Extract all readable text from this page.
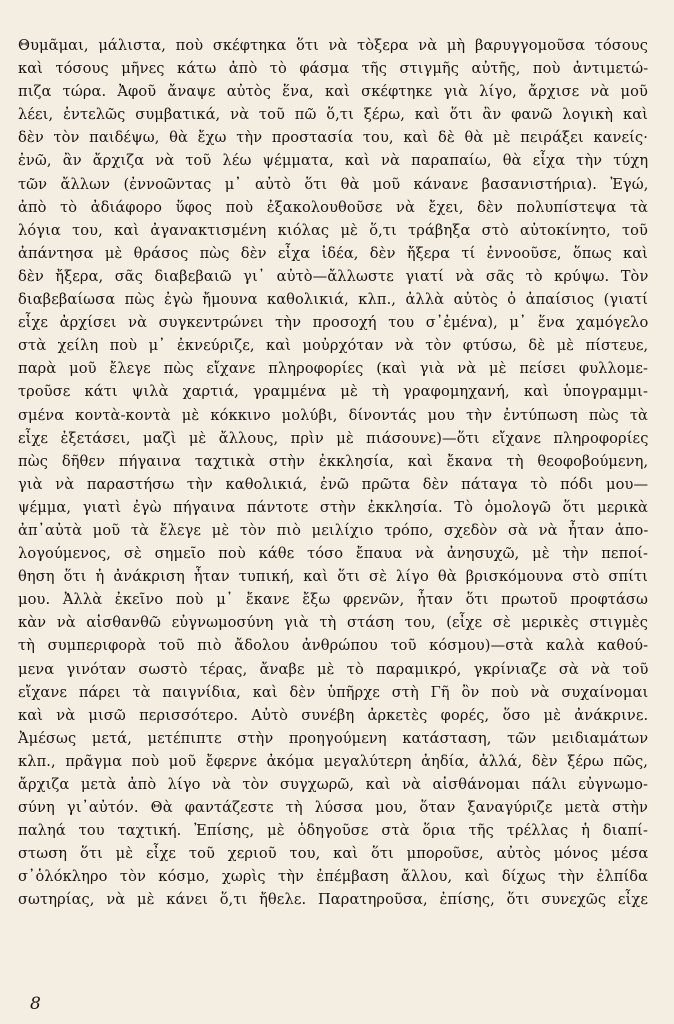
Θυμᾶμαι, μάλιστα, ποὺ σκέφτηκα ὅτι νὰ τὸξερα νὰ μὴ βαρυγγομοῦσα τόσους
καὶ τόσους μῆνες κάτω ἀπὸ τὸ φάσμα τῆς στιγμῆς αὐτῆς, ποὺ ἀντιμετώ-
πιζα τώρα. Ἀφοῦ ἄναψε αὐτὸς ἕνα, καὶ σκέφτηκε γιὰ λίγο, ἄρχισε νὰ μοῦ
λέει, ἐντελῶς συμβατικά, νὰ τοῦ πῶ ὅ,τι ξέρω, καὶ ὅτι ἂν φανῶ λογικὴ καὶ
δὲν τὸν παιδέψω, θὰ ἔχω τὴν προστασία του, καὶ δὲ θὰ μὲ πειράξει κανείς·
ἐνῶ, ἂν ἄρχιζα νὰ τοῦ λέω ψέμματα, καὶ νὰ παραπαίω, θὰ εἶχα τὴν τύχη
τῶν ἄλλων (ἐννοῶντας μ᾽ αὐτὸ ὅτι θὰ μοῦ κάνανε βασανιστήρια). Ἐγώ,
ἀπὸ τὸ ἀδιάφορο ὕφος ποὺ ἐξακολουθοῦσε νὰ ἔχει, δὲν πολυπίστεψα τὰ
λόγια του, καὶ ἀγανακτισμένη κιόλας μὲ ὅ,τι τράβηξα στὸ αὐτοκίνητο, τοῦ
ἀπάντησα μὲ θράσος πὼς δὲν εἶχα ἰδέα, δὲν ἤξερα τί ἐννοοῦσε, ὅπως καὶ
δὲν ἤξερα, σᾶς διαβεβαιῶ γι᾽ αὐτὸ—ἄλλωστε γιατί νὰ σᾶς τὸ κρύψω. Τὸν
διαβεβαίωσα πὼς ἐγὼ ἤμουνα καθολικιά, κλπ., ἀλλὰ αὐτὸς ὁ ἀπαίσιος (γιατί
εἶχε ἀρχίσει νὰ συγκεντρώνει τὴν προσοχή του σ᾽ἐμένα), μ᾽ ἕνα χαμόγελο
στὰ χείλη ποὺ μ᾽ ἐκνεύριζε, καὶ μοὐρχόταν νὰ τὸν φτύσω, δὲ μὲ πίστευε,
παρὰ μοῦ ἔλεγε πὼς εἴχανε πληροφορίες (καὶ γιὰ νὰ μὲ πείσει φυλλομε-
τροῦσε κάτι ψιλὰ χαρτιά, γραμμένα μὲ τὴ γραφομηχανή, καὶ ὑπογραμμι-
σμένα κοντὰ-κοντὰ μὲ κόκκινο μολύβι, δίνοντάς μου τὴν ἐντύπωση πὼς τὰ
εἶχε ἐξετάσει, μαζὶ μὲ ἄλλους, πρὶν μὲ πιάσουνε)—ὅτι εἴχανε πληροφορίες
πὼς δῆθεν πήγαινα ταχτικὰ στὴν ἐκκλησία, καὶ ἔκανα τὴ θεοφοβούμενη,
γιὰ νὰ παραστήσω τὴν καθολικιά, ἐνῶ πρῶτα δὲν πάταγα τὸ πόδι μου—
ψέμμα, γιατὶ ἐγὼ πήγαινα πάντοτε στὴν ἐκκλησία. Τὸ ὁμολογῶ ὅτι μερικὰ
ἀπ᾽αὐτὰ μοῦ τὰ ἔλεγε μὲ τὸν πιὸ μειλίχιο τρόπο, σχεδὸν σὰ νὰ ἦταν ἀπο-
λογούμενος, σὲ σημεῖο ποὺ κάθε τόσο ἔπαυα νὰ ἀνησυχῶ, μὲ τὴν πεποί-
θηση ὅτι ἡ ἀνάκριση ἦταν τυπική, καὶ ὅτι σὲ λίγο θὰ βρισκόμουνα στὸ σπίτι
μου. Ἀλλὰ ἐκεῖνο ποὺ μ᾽ ἔκανε ἔξω φρενῶν, ἦταν ὅτι πρωτοῦ προφτάσω
κὰν νὰ αἰσθανθῶ εὐγνωμοσύνη γιὰ τὴ στάση του, (εἶχε σὲ μερικὲς στιγμὲς
τὴ συμπεριφορὰ τοῦ πιὸ ἄδολου ἀνθρώπου τοῦ κόσμου)—στὰ καλὰ καθού-
μενα γινόταν σωστὸ τέρας, ἄναβε μὲ τὸ παραμικρό, γκρίνιαζε σὰ νὰ τοῦ
εἴχανε πάρει τὰ παιγνίδια, καὶ δὲν ὑπῆρχε στὴ Γῆ ὂν ποὺ νὰ συχαίνομαι
καὶ νὰ μισῶ περισσότερο. Αὐτὸ συνέβη ἀρκετὲς φορές, ὅσο μὲ ἀνάκρινε.
Ἀμέσως μετά, μετέπιπτε στὴν προηγούμενη κατάσταση, τῶν μειδιαμάτων
κλπ., πρᾶγμα ποὺ μοῦ ἔφερνε ἀκόμα μεγαλύτερη ἀηδία, ἀλλά, δὲν ξέρω πῶς,
ἄρχιζα μετὰ ἀπὸ λίγο νὰ τὸν συγχωρῶ, καὶ νὰ αἰσθάνομαι πάλι εὐγνωμο-
σύνη γι᾽αὐτόν. Θὰ φαντάζεστε τὴ λύσσα μου, ὅταν ξαναγύριζε μετὰ στὴν
παληά του ταχτική. Ἐπίσης, μὲ ὁδηγοῦσε στὰ ὅρια τῆς τρέλλας ἡ διαπί-
στωση ὅτι μὲ εἶχε τοῦ χεριοῦ του, καὶ ὅτι μποροῦσε, αὐτὸς μόνος μέσα
σ᾽ὁλόκληρο τὸν κόσμο, χωρὶς τὴν ἐπέμβαση ἄλλου, καὶ δίχως τὴν ἐλπίδα
σωτηρίας, νὰ μὲ κάνει ὅ,τι ἤθελε. Παρατηροῦσα, ἐπίσης, ὅτι συνεχῶς εἶχε
8
